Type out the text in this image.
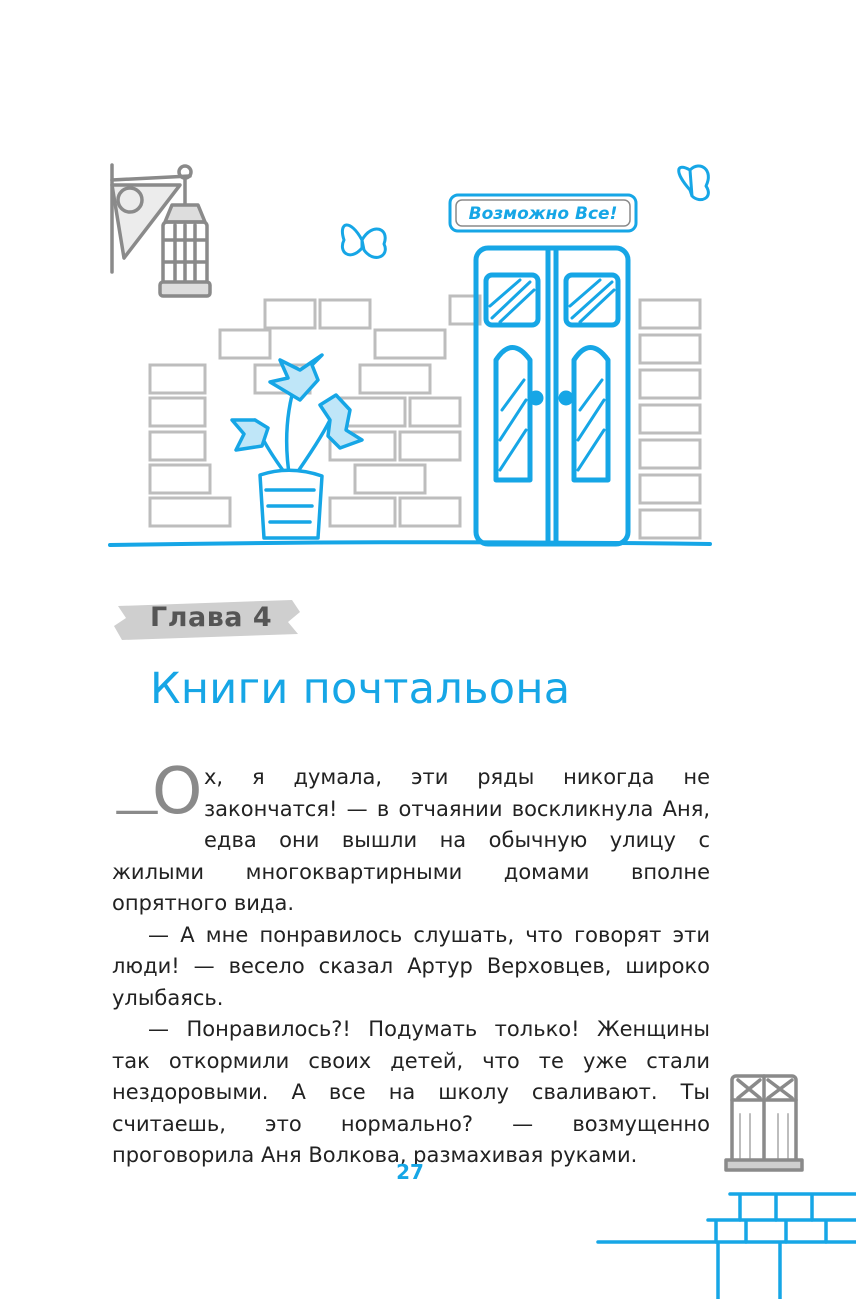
Возможно Все!
Глава 4
Книги почтальона

—
О х, я думала, эти ряды никогда не закончатся! — в отчаянии воскликнула Аня, едва они вышли на обычную улицу с жилыми многоквартирными домами вполне опрятного вида.

— А мне понравилось слушать, что говорят эти люди! — весело сказал Артур Верховцев, широко улыбаясь.

— Понравилось?! Подумать только! Женщины так откормили своих детей, что те уже стали нездоровыми. А все на школу сваливают. Ты считаешь, это нормально? — возмущенно проговорила Аня Волкова, размахивая руками.

27
